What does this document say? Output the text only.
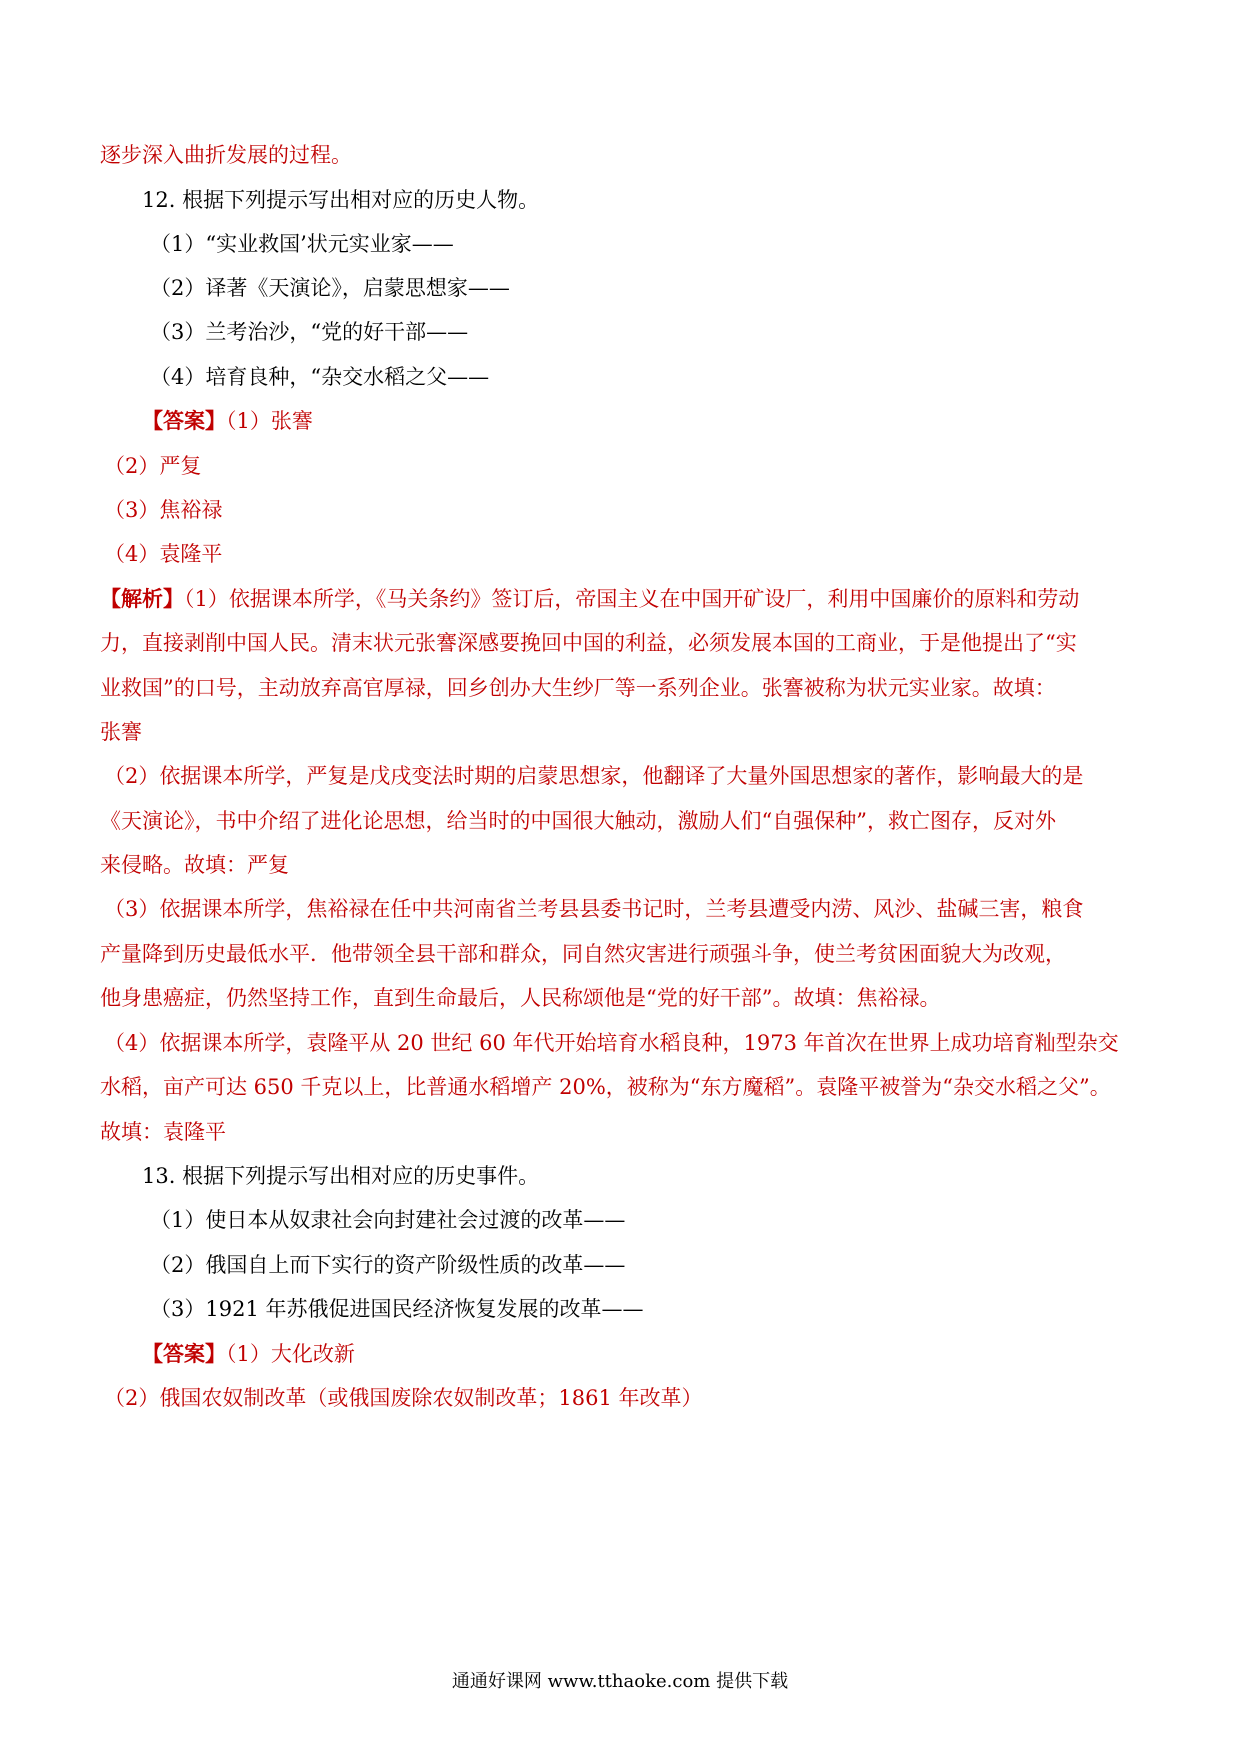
逐步深入曲折发展的过程。
12. 根据下列提示写出相对应的历史人物。
（1）“实业救国’状元实业家——
（2）译著《天演论》，启蒙思想家——
（3）兰考治沙，“党的好干部——
（4）培育良种，“杂交水稻之父——
【答案】（1）张謇
（2）严复
（3）焦裕禄
（4）袁隆平
【解析】（1）依据课本所学，《马关条约》签订后，帝国主义在中国开矿设厂，利用中国廉价的原料和劳动
力，直接剥削中国人民。清末状元张謇深感要挽回中国的利益，必须发展本国的工商业，于是他提出了“实
业救国”的口号，主动放弃高官厚禄，回乡创办大生纱厂等一系列企业。张謇被称为状元实业家。故填：
张謇
（2）依据课本所学，严复是戊戌变法时期的启蒙思想家，他翻译了大量外国思想家的著作，影响最大的是
《天演论》，书中介绍了进化论思想，给当时的中国很大触动，激励人们“自强保种”，救亡图存，反对外
来侵略。故填：严复
（3）依据课本所学，焦裕禄在任中共河南省兰考县县委书记时，兰考县遭受内涝、风沙、盐碱三害，粮食
产量降到历史最低水平．他带领全县干部和群众，同自然灾害进行顽强斗争，使兰考贫困面貌大为改观，
他身患癌症，仍然坚持工作，直到生命最后，人民称颂他是“党的好干部”。故填：焦裕禄。
（4）依据课本所学，袁隆平从 20 世纪 60 年代开始培育水稻良种，1973 年首次在世界上成功培育籼型杂交
水稻，亩产可达 650 千克以上，比普通水稻增产 20%，被称为“东方魔稻”。袁隆平被誉为“杂交水稻之父”。
故填：袁隆平
13. 根据下列提示写出相对应的历史事件。
（1）使日本从奴隶社会向封建社会过渡的改革——
（2）俄国自上而下实行的资产阶级性质的改革——
（3）1921 年苏俄促进国民经济恢复发展的改革——
【答案】（1）大化改新
（2）俄国农奴制改革（或俄国废除农奴制改革；1861 年改革）
通通好课网 www.tthaoke.com 提供下载
